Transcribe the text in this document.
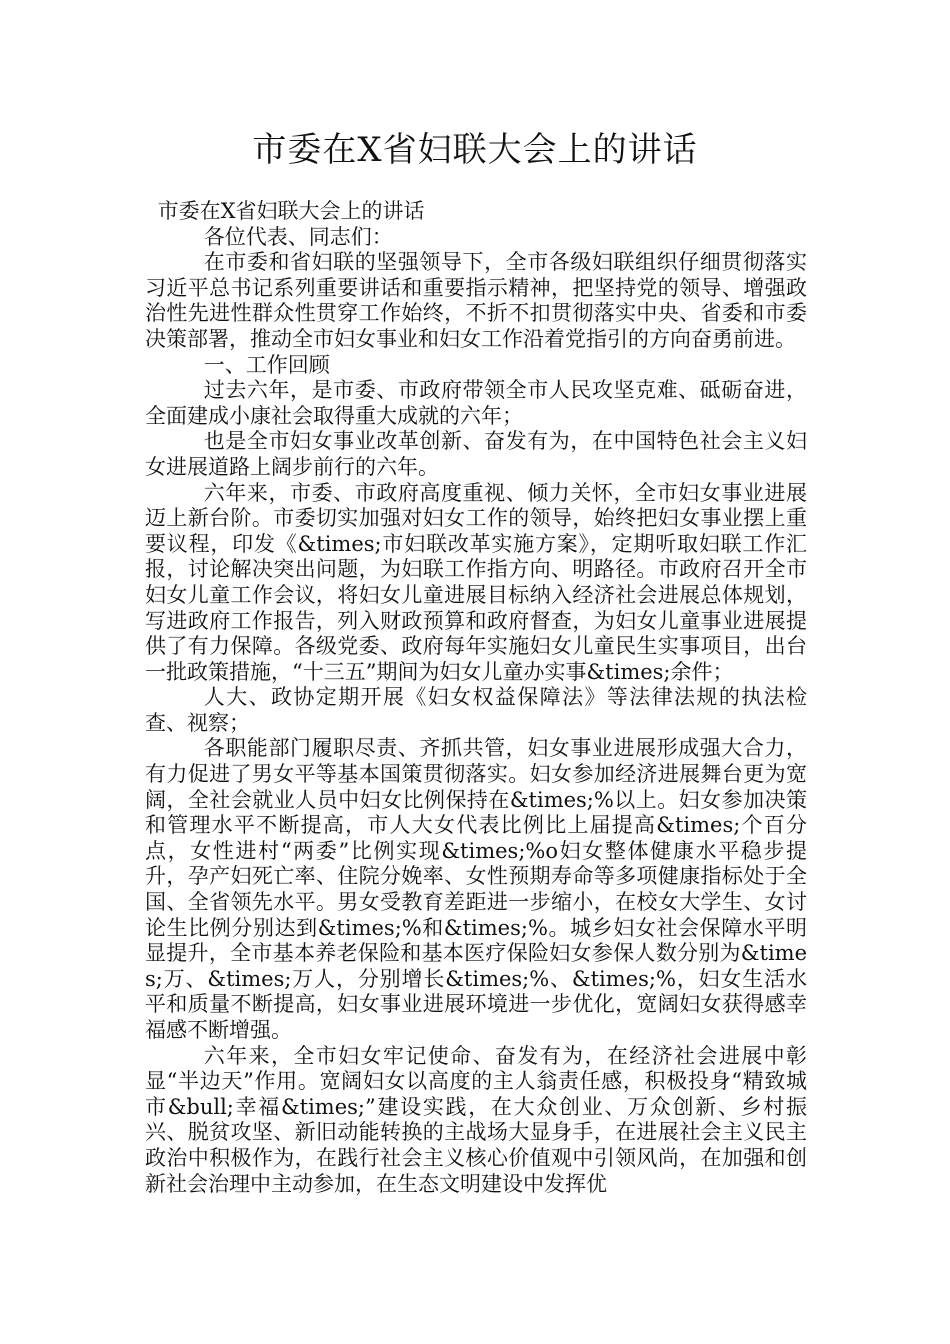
市委在X省妇联大会上的讲话

市委在X省妇联大会上的讲话

各位代表、同志们：

在市委和省妇联的坚强领导下，全市各级妇联组织仔细贯彻落实习近平总书记系列重要讲话和重要指示精神，把坚持党的领导、增强政治性先进性群众性贯穿工作始终，不折不扣贯彻落实中央、省委和市委决策部署，推动全市妇女事业和妇女工作沿着党指引的方向奋勇前进。

一、工作回顾

过去六年，是市委、市政府带领全市人民攻坚克难、砥砺奋进，全面建成小康社会取得重大成就的六年；

也是全市妇女事业改革创新、奋发有为，在中国特色社会主义妇女进展道路上阔步前行的六年。

六年来，市委、市政府高度重视、倾力关怀，全市妇女事业进展迈上新台阶。市委切实加强对妇女工作的领导，始终把妇女事业摆上重要议程，印发《&times;市妇联改革实施方案》，定期听取妇联工作汇报，讨论解决突出问题，为妇联工作指方向、明路径。市政府召开全市妇女儿童工作会议，将妇女儿童进展目标纳入经济社会进展总体规划，写进政府工作报告，列入财政预算和政府督查，为妇女儿童事业进展提供了有力保障。各级党委、政府每年实施妇女儿童民生实事项目，出台一批政策措施，“十三五”期间为妇女儿童办实事&times;余件；

人大、政协定期开展《妇女权益保障法》等法律法规的执法检查、视察；

各职能部门履职尽责、齐抓共管，妇女事业进展形成强大合力，有力促进了男女平等基本国策贯彻落实。妇女参加经济进展舞台更为宽阔，全社会就业人员中妇女比例保持在&times;%以上。妇女参加决策和管理水平不断提高，市人大女代表比例比上届提高&times;个百分点，女性进村“两委”比例实现&times;%o妇女整体健康水平稳步提升，孕产妇死亡率、住院分娩率、女性预期寿命等多项健康指标处于全国、全省领先水平。男女受教育差距进一步缩小，在校女大学生、女讨论生比例分别达到&times;%和&times;%。城乡妇女社会保障水平明显提升，全市基本养老保险和基本医疗保险妇女参保人数分别为&times;万、&times;万人，分别增长&times;%、&times;%，妇女生活水平和质量不断提高，妇女事业进展环境进一步优化，宽阔妇女获得感幸福感不断增强。

六年来，全市妇女牢记使命、奋发有为，在经济社会进展中彰显“半边天”作用。宽阔妇女以高度的主人翁责任感，积极投身“精致城市&bull;幸福&times;”建设实践，在大众创业、万众创新、乡村振兴、脱贫攻坚、新旧动能转换的主战场大显身手，在进展社会主义民主政治中积极作为，在践行社会主义核心价值观中引领风尚，在加强和创新社会治理中主动参加，在生态文明建设中发挥优
